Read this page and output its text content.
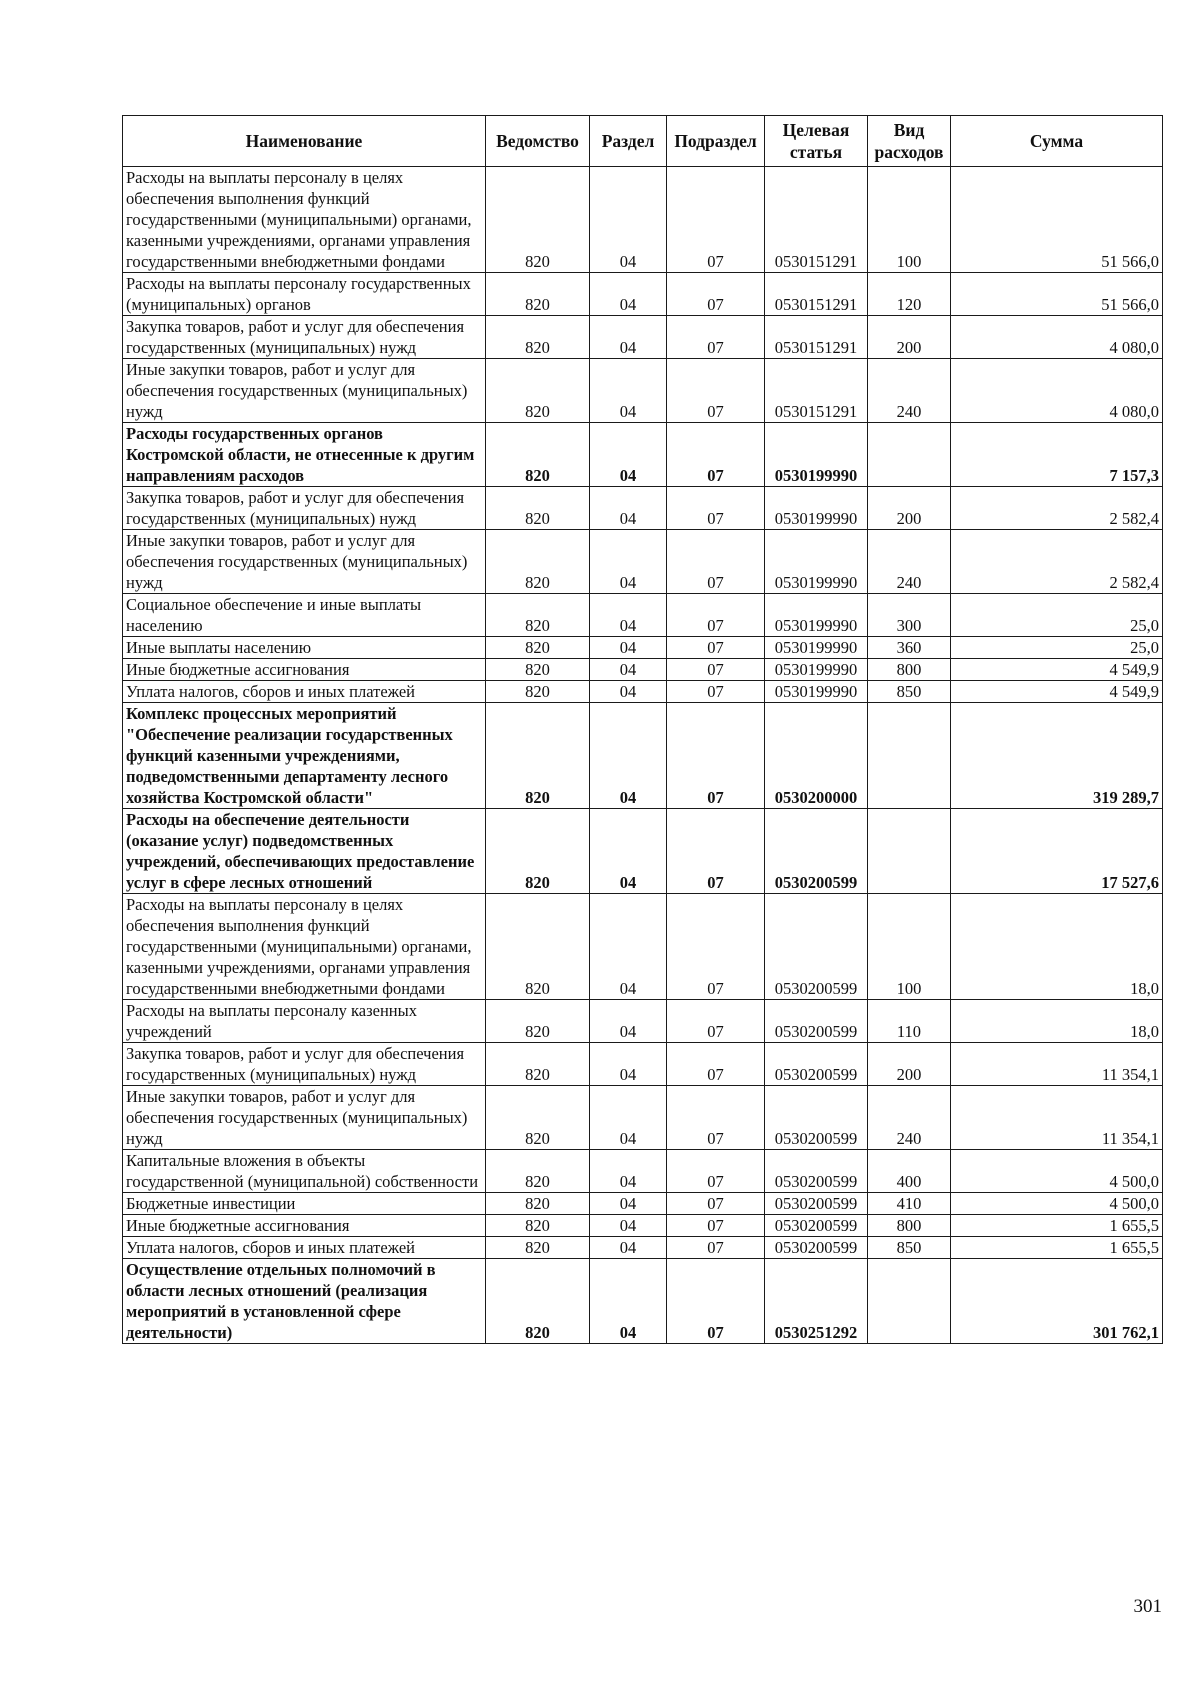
Наименование	Ведомство	Раздел	Подраздел	Целевая статья	Вид расходов	Сумма
Расходы на выплаты персоналу в целях обеспечения выполнения функций государственными (муниципальными) органами, казенными учреждениями, органами управления государственными внебюджетными фондами	820	04	07	0530151291	100	51 566,0
Расходы на выплаты персоналу государственных (муниципальных) органов	820	04	07	0530151291	120	51 566,0
Закупка товаров, работ и услуг для обеспечения государственных (муниципальных) нужд	820	04	07	0530151291	200	4 080,0
Иные закупки товаров, работ и услуг для обеспечения государственных (муниципальных) нужд	820	04	07	0530151291	240	4 080,0
Расходы государственных органов Костромской области, не отнесенные к другим направлениям расходов	820	04	07	0530199990		7 157,3
Закупка товаров, работ и услуг для обеспечения государственных (муниципальных) нужд	820	04	07	0530199990	200	2 582,4
Иные закупки товаров, работ и услуг для обеспечения государственных (муниципальных) нужд	820	04	07	0530199990	240	2 582,4
Социальное обеспечение и иные выплаты населению	820	04	07	0530199990	300	25,0
Иные выплаты населению	820	04	07	0530199990	360	25,0
Иные бюджетные ассигнования	820	04	07	0530199990	800	4 549,9
Уплата налогов, сборов и иных платежей	820	04	07	0530199990	850	4 549,9
Комплекс процессных мероприятий "Обеспечение реализации государственных функций казенными учреждениями, подведомственными департаменту лесного хозяйства Костромской области"	820	04	07	0530200000		319 289,7
Расходы на обеспечение деятельности (оказание услуг) подведомственных учреждений, обеспечивающих предоставление услуг в сфере лесных отношений	820	04	07	0530200599		17 527,6
Расходы на выплаты персоналу в целях обеспечения выполнения функций государственными (муниципальными) органами, казенными учреждениями, органами управления государственными внебюджетными фондами	820	04	07	0530200599	100	18,0
Расходы на выплаты персоналу казенных учреждений	820	04	07	0530200599	110	18,0
Закупка товаров, работ и услуг для обеспечения государственных (муниципальных) нужд	820	04	07	0530200599	200	11 354,1
Иные закупки товаров, работ и услуг для обеспечения государственных (муниципальных) нужд	820	04	07	0530200599	240	11 354,1
Капитальные вложения в объекты государственной (муниципальной) собственности	820	04	07	0530200599	400	4 500,0
Бюджетные инвестиции	820	04	07	0530200599	410	4 500,0
Иные бюджетные ассигнования	820	04	07	0530200599	800	1 655,5
Уплата налогов, сборов и иных платежей	820	04	07	0530200599	850	1 655,5
Осуществление отдельных полномочий в области лесных отношений (реализация мероприятий в установленной сфере деятельности)	820	04	07	0530251292		301 762,1
301
